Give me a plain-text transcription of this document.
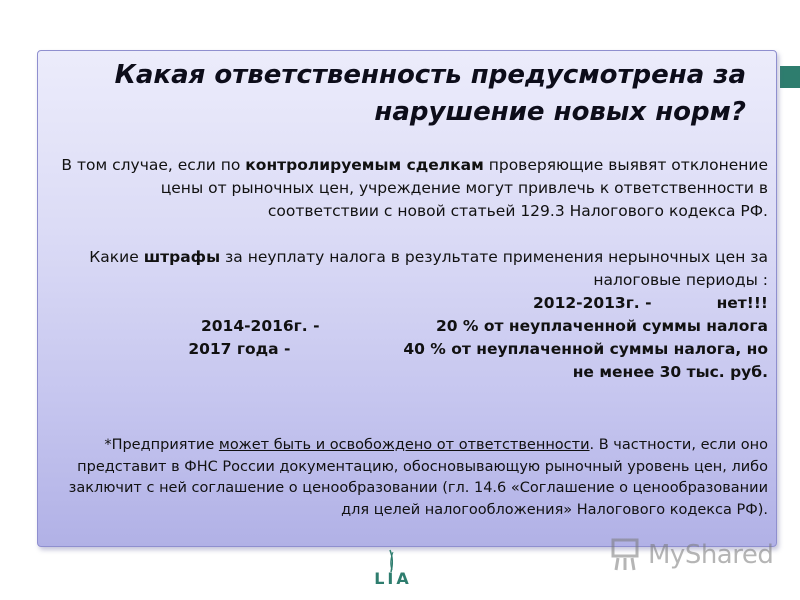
Какая ответственность предусмотрена за нарушение новых норм?

В том случае, если по контролируемым сделкам проверяющие выявят отклонение цены от рыночных цен, учреждение могут привлечь к ответственности в соответствии с новой статьей 129.3 Налогового кодекса РФ.

Какие штрафы за неуплату налога в результате применения нерыночных цен за налоговые периоды :

2012-2013г. -	нет!!!
2014-2016г. -	20 % от неуплаченной суммы налога
2017 года -	40 % от неуплаченной суммы налога, но
не менее 30 тыс. руб.

*Предприятие может быть и освобождено от ответственности. В частности, если оно представит в ФНС России документацию, обосновывающую рыночный уровень цен, либо заключит с ней соглашение о ценообразовании (гл. 14.6 «Соглашение о ценообразовании для целей налогообложения» Налогового кодекса РФ).

LIA
MyShared
